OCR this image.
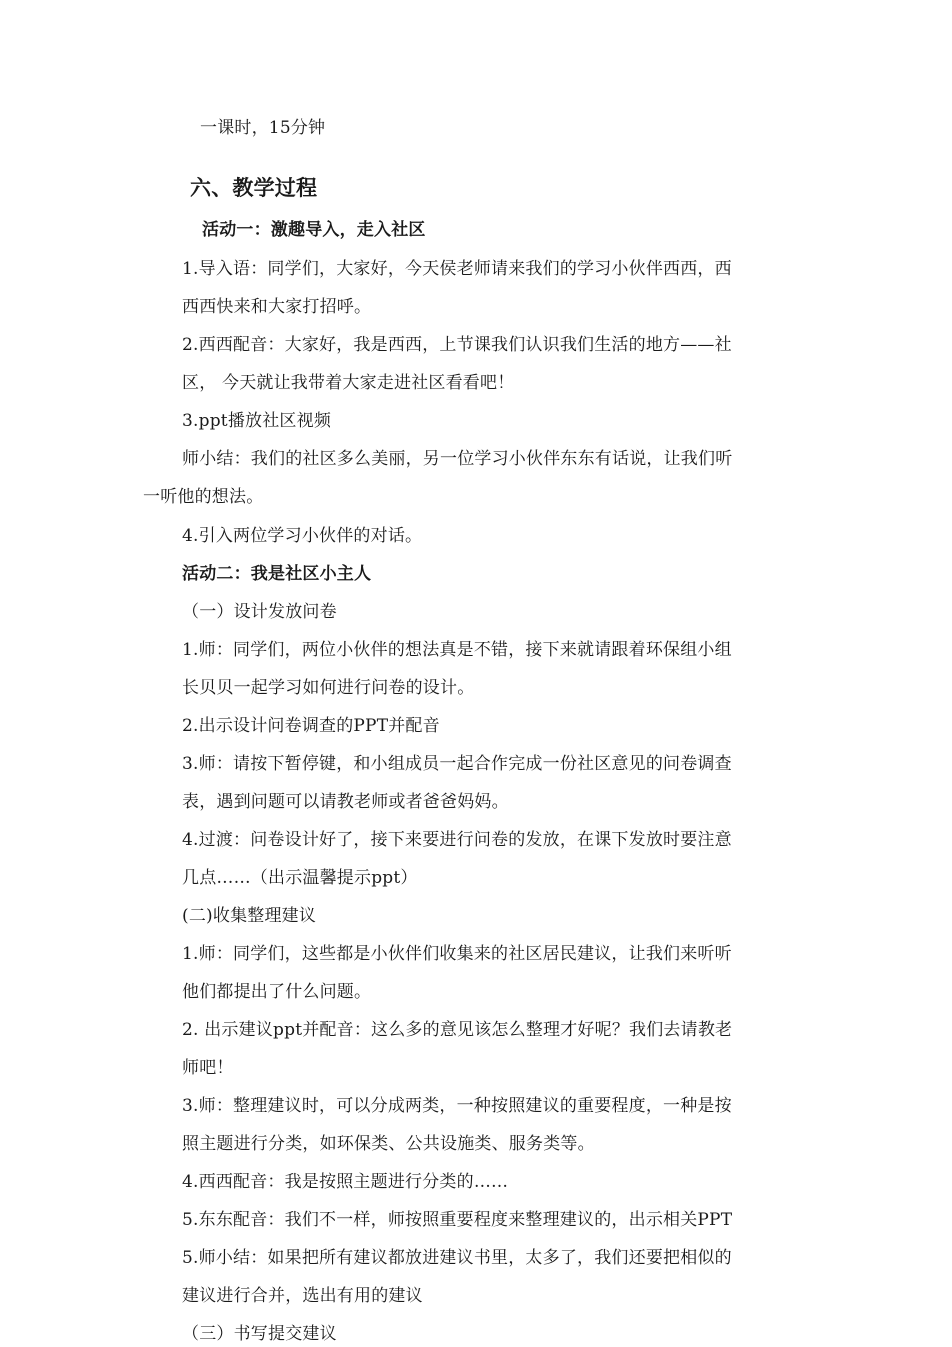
一课时，15分钟
六、教学过程
活动一：激趣导入，走入社区
1.导入语：同学们，大家好，今天侯老师请来我们的学习小伙伴西西，西
西西快来和大家打招呼。
2.西西配音：大家好，我是西西，上节课我们认识我们生活的地方——社
区， 今天就让我带着大家走进社区看看吧！
3.ppt播放社区视频
师小结：我们的社区多么美丽，另一位学习小伙伴东东有话说，让我们听
一听他的想法。
4.引入两位学习小伙伴的对话。
活动二：我是社区小主人
（一）设计发放问卷
1.师：同学们，两位小伙伴的想法真是不错，接下来就请跟着环保组小组
长贝贝一起学习如何进行问卷的设计。
2.出示设计问卷调查的PPT并配音
3.师：请按下暂停键，和小组成员一起合作完成一份社区意见的问卷调查
表，遇到问题可以请教老师或者爸爸妈妈。
4.过渡：问卷设计好了，接下来要进行问卷的发放，在课下发放时要注意
几点……（出示温馨提示ppt）
(二)收集整理建议
1.师：同学们，这些都是小伙伴们收集来的社区居民建议，让我们来听听
他们都提出了什么问题。
2. 出示建议ppt并配音：这么多的意见该怎么整理才好呢？我们去请教老
师吧！
3.师：整理建议时，可以分成两类，一种按照建议的重要程度，一种是按
照主题进行分类，如环保类、公共设施类、服务类等。
4.西西配音：我是按照主题进行分类的……
5.东东配音：我们不一样，师按照重要程度来整理建议的，出示相关PPT
5.师小结：如果把所有建议都放进建议书里，太多了，我们还要把相似的
建议进行合并，选出有用的建议
（三）书写提交建议
